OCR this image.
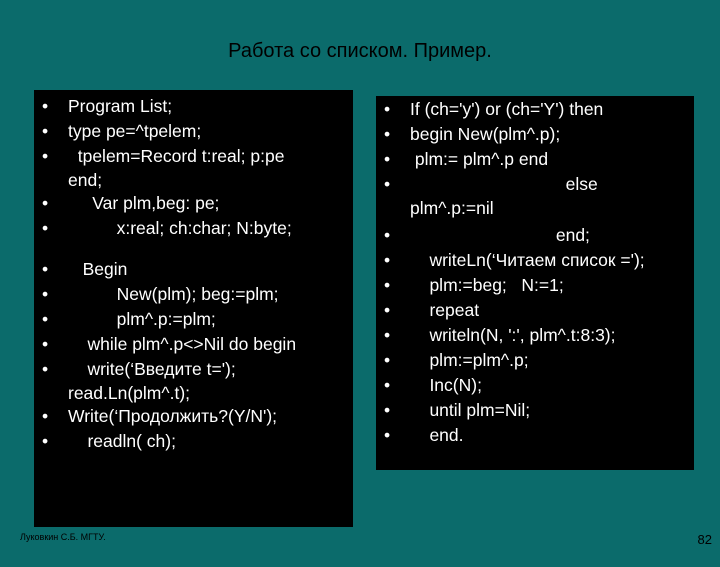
Работа со списком. Пример.
• Program List;
• type pe=^tpelem;
• tpelem=Record t:real; p:pe
end;
• Var plm,beg: pe;
• x:real; ch:char; N:byte;
• Begin
• New(plm); beg:=plm;
• plm^.p:=plm;
• while plm^.p<>Nil do begin
• write(‘Введите t=');
read.Ln(plm^.t);
• Write(‘Продолжить?(Y/N');
• readln( ch);
• If (ch='y') or (ch='Y') then
• begin New(plm^.p);
• plm:= plm^.p end
• else
plm^.p:=nil
• end;
• writeLn(‘Читаем список =');
• plm:=beg;   N:=1;
• repeat
• writeln(N, ':', plm^.t:8:3);
• plm:=plm^.p;
• Inc(N);
• until plm=Nil;
• end.
Луковкин С.Б. МГТУ.	82
